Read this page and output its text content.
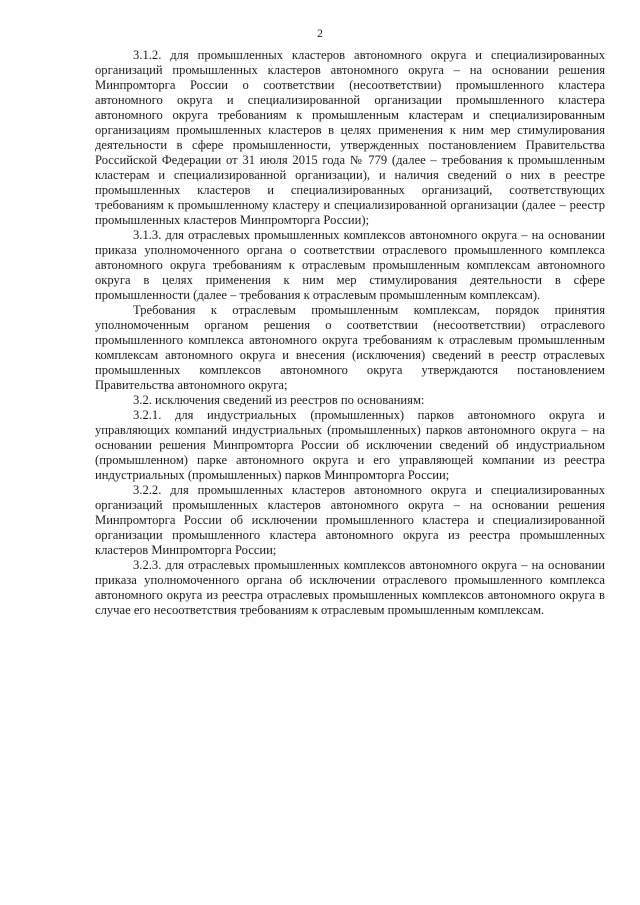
2

3.1.2. для промышленных кластеров автономного округа и специализированных организаций промышленных кластеров автономного округа – на основании решения Минпромторга России о соответствии (несоответствии) промышленного кластера автономного округа и специализированной организации промышленного кластера автономного округа требованиям к промышленным кластерам и специализированным организациям промышленных кластеров в целях применения к ним мер стимулирования деятельности в сфере промышленности, утвержденных постановлением Правительства Российской Федерации от 31 июля 2015 года № 779 (далее – требования к промышленным кластерам и специализированной организации), и наличия сведений о них в реестре промышленных кластеров и специализированных организаций, соответствующих требованиям к промышленному кластеру и специализированной организации (далее – реестр промышленных кластеров Минпромторга России);

3.1.3. для отраслевых промышленных комплексов автономного округа – на основании приказа уполномоченного органа о соответствии отраслевого промышленного комплекса автономного округа требованиям к отраслевым промышленным комплексам автономного округа в целях применения к ним мер стимулирования деятельности в сфере промышленности (далее – требования к отраслевым промышленным комплексам).

Требования к отраслевым промышленным комплексам, порядок принятия уполномоченным органом решения о соответствии (несоответствии) отраслевого промышленного комплекса автономного округа требованиям к отраслевым промышленным комплексам автономного округа и внесения (исключения) сведений в реестр отраслевых промышленных комплексов автономного округа утверждаются постановлением Правительства автономного округа;

3.2. исключения сведений из реестров по основаниям:

3.2.1. для индустриальных (промышленных) парков автономного округа и управляющих компаний индустриальных (промышленных) парков автономного округа – на основании решения Минпромторга России об исключении сведений об индустриальном (промышленном) парке автономного округа и его управляющей компании из реестра индустриальных (промышленных) парков Минпромторга России;

3.2.2. для промышленных кластеров автономного округа и специализированных организаций промышленных кластеров автономного округа – на основании решения Минпромторга России об исключении промышленного кластера и специализированной организации промышленного кластера автономного округа из реестра промышленных кластеров Минпромторга России;

3.2.3. для отраслевых промышленных комплексов автономного округа – на основании приказа уполномоченного органа об исключении отраслевого промышленного комплекса автономного округа из реестра отраслевых промышленных комплексов автономного округа в случае его несоответствия требованиям к отраслевым промышленным комплексам.
